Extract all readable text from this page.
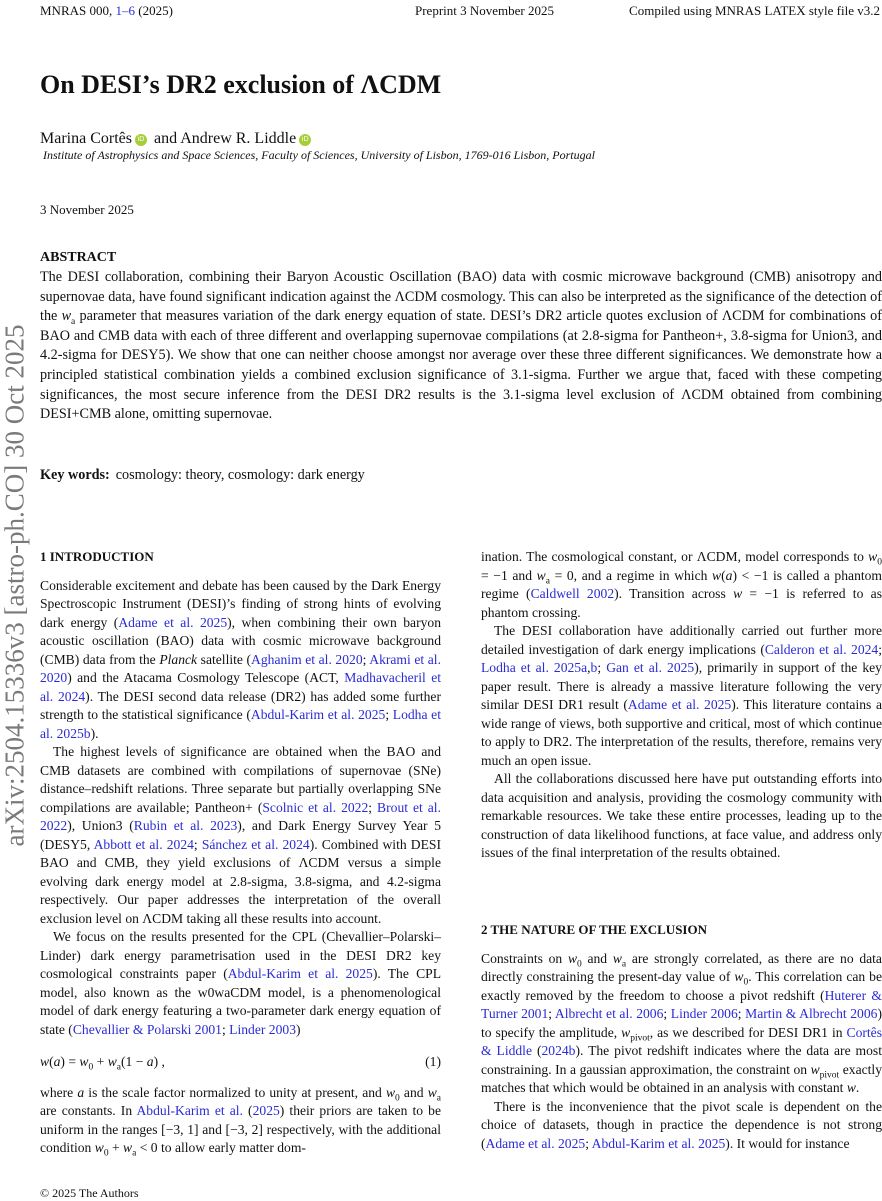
MNRAS 000, 1–6 (2025)	Preprint 3 November 2025	Compiled using MNRAS LATEX style file v3.2
arXiv:2504.15336v3 [astro-ph.CO] 30 Oct 2025
On DESI’s DR2 exclusion of ΛCDM
Marina Cortês iD and Andrew R. Liddle iD
Institute of Astrophysics and Space Sciences, Faculty of Sciences, University of Lisbon, 1769-016 Lisbon, Portugal
3 November 2025
ABSTRACT
The DESI collaboration, combining their Baryon Acoustic Oscillation (BAO) data with cosmic microwave background (CMB) anisotropy and supernovae data, have found significant indication against the ΛCDM cosmology. This can also be interpreted as the significance of the detection of the $w_a$ parameter that measures variation of the dark energy equation of state. DESI’s DR2 article quotes exclusion of ΛCDM for combinations of BAO and CMB data with each of three different and overlapping supernovae compilations (at 2.8-sigma for Pantheon+, 3.8-sigma for Union3, and 4.2-sigma for DESY5). We show that one can neither choose amongst nor average over these three different significances. We demonstrate how a principled statistical combination yields a combined exclusion significance of 3.1-sigma. Further we argue that, faced with these competing significances, the most secure inference from the DESI DR2 results is the 3.1-sigma level exclusion of ΛCDM obtained from combining DESI+CMB alone, omitting supernovae.
Key words: cosmology: theory, cosmology: dark energy
1 INTRODUCTION

Considerable excitement and debate has been caused by the Dark Energy Spectroscopic Instrument (DESI)’s finding of strong hints of evolving dark energy (Adame et al. 2025), when combining their own baryon acoustic oscillation (BAO) data with cosmic microwave background (CMB) data from the Planck satellite (Aghanim et al. 2020; Akrami et al. 2020) and the Atacama Cosmology Telescope (ACT, Madhavacheril et al. 2024). The DESI second data release (DR2) has added some further strength to the statistical significance (Abdul-Karim et al. 2025; Lodha et al. 2025b).

The highest levels of significance are obtained when the BAO and CMB datasets are combined with compilations of supernovae (SNe) distance–redshift relations. Three separate but partially overlapping SNe compilations are available; Pantheon+ (Scolnic et al. 2022; Brout et al. 2022), Union3 (Rubin et al. 2023), and Dark Energy Survey Year 5 (DESY5, Abbott et al. 2024; Sánchez et al. 2024). Combined with DESI BAO and CMB, they yield exclusions of ΛCDM versus a simple evolving dark energy model at 2.8-sigma, 3.8-sigma, and 4.2-sigma respectively. Our paper addresses the interpretation of the overall exclusion level on ΛCDM taking all these results into account.

We focus on the results presented for the CPL (Chevallier–Polarski–Linder) dark energy parametrisation used in the DESI DR2 key cosmological constraints paper (Abdul-Karim et al. 2025). The CPL model, also known as the w0waCDM model, is a phenomenological model of dark energy featuring a two-parameter dark energy equation of state (Chevallier & Polarski 2001; Linder 2003)

$w(a) = w_0 + w_a(1 - a)$ ,	(1)

where a is the scale factor normalized to unity at present, and $w_0$ and $w_a$ are constants. In Abdul-Karim et al. (2025) their priors are taken to be uniform in the ranges [−3, 1] and [−3, 2] respectively, with the additional condition $w_0 + w_a < 0$ to allow early matter dom-

ination. The cosmological constant, or ΛCDM, model corresponds to $w_0 = -1$ and $w_a = 0$, and a regime in which w(a) < −1 is called a phantom regime (Caldwell 2002). Transition across w = −1 is referred to as phantom crossing.

The DESI collaboration have additionally carried out further more detailed investigation of dark energy implications (Calderon et al. 2024; Lodha et al. 2025a,b; Gan et al. 2025), primarily in support of the key paper result. There is already a massive literature following the very similar DESI DR1 result (Adame et al. 2025). This literature contains a wide range of views, both supportive and critical, most of which continue to apply to DR2. The interpretation of the results, therefore, remains very much an open issue.

All the collaborations discussed here have put outstanding efforts into data acquisition and analysis, providing the cosmology community with remarkable resources. We take these entire processes, leading up to the construction of data likelihood functions, at face value, and address only issues of the final interpretation of the results obtained.

2 THE NATURE OF THE EXCLUSION

Constraints on $w_0$ and $w_a$ are strongly correlated, as there are no data directly constraining the present-day value of $w_0$. This correlation can be exactly removed by the freedom to choose a pivot redshift (Huterer & Turner 2001; Albrecht et al. 2006; Linder 2006; Martin & Albrecht 2006) to specify the amplitude, $w_{pivot}$, as we described for DESI DR1 in Cortês & Liddle (2024b). The pivot redshift indicates where the data are most constraining. In a gaussian approximation, the constraint on $w_{pivot}$ exactly matches that which would be obtained in an analysis with constant w.

There is the inconvenience that the pivot scale is dependent on the choice of datasets, though in practice the dependence is not strong (Adame et al. 2025; Abdul-Karim et al. 2025). It would for instance

© 2025 The Authors
